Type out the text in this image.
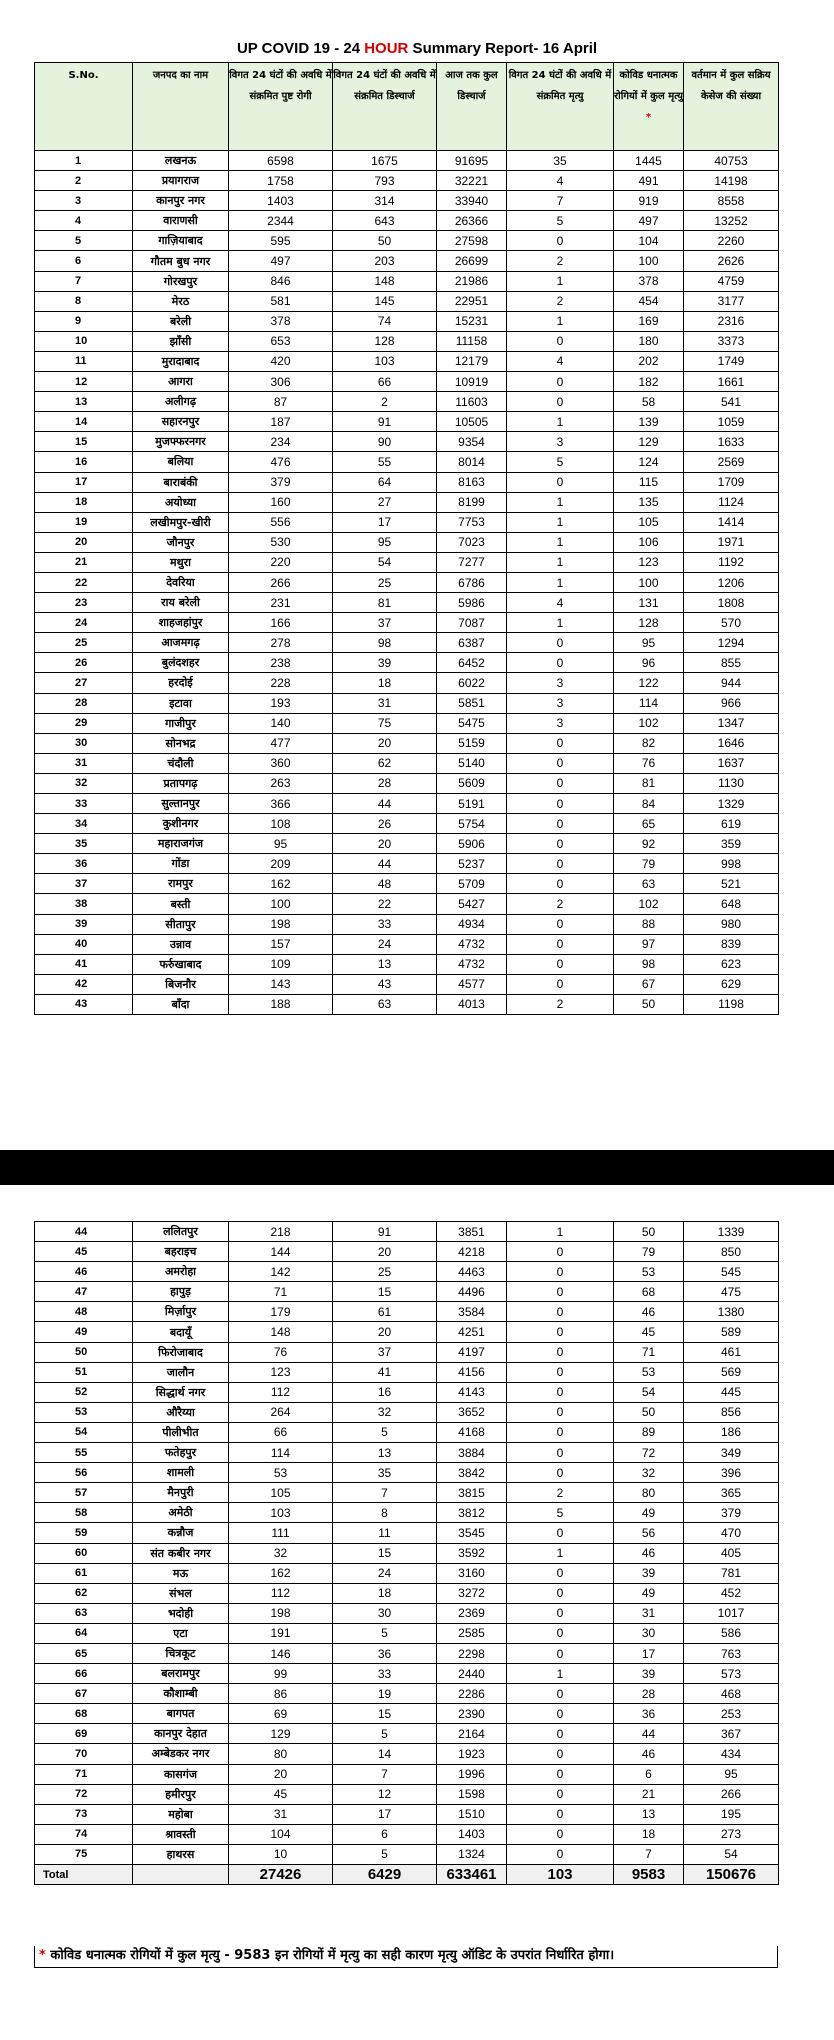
UP COVID 19 - 24 HOUR Summary Report- 16 April
S.No.	जनपद का नाम	विगत 24 घंटों की अवधि में संक्रमित पुष्ट रोगी	विगत 24 घंटों की अवधि में संक्रमित डिस्चार्ज	आज तक कुल डिस्चार्ज	विगत 24 घंटों की अवधि में संक्रमित मृत्यु	कोविड धनात्मक रोगियों में कुल मृत्यु *	वर्तमान में कुल सक्रिय केसेज की संख्या
1	लखनऊ	6598	1675	91695	35	1445	40753
2	प्रयागराज	1758	793	32221	4	491	14198
3	कानपुर नगर	1403	314	33940	7	919	8558
4	वाराणसी	2344	643	26366	5	497	13252
5	गाज़ियाबाद	595	50	27598	0	104	2260
6	गौतम बुध नगर	497	203	26699	2	100	2626
7	गोरखपुर	846	148	21986	1	378	4759
8	मेरठ	581	145	22951	2	454	3177
9	बरेली	378	74	15231	1	169	2316
10	झाँसी	653	128	11158	0	180	3373
11	मुरादाबाद	420	103	12179	4	202	1749
12	आगरा	306	66	10919	0	182	1661
13	अलीगढ़	87	2	11603	0	58	541
14	सहारनपुर	187	91	10505	1	139	1059
15	मुजफ्फरनगर	234	90	9354	3	129	1633
16	बलिया	476	55	8014	5	124	2569
17	बाराबंकी	379	64	8163	0	115	1709
18	अयोध्या	160	27	8199	1	135	1124
19	लखीमपुर-खीरी	556	17	7753	1	105	1414
20	जौनपुर	530	95	7023	1	106	1971
21	मथुरा	220	54	7277	1	123	1192
22	देवरिया	266	25	6786	1	100	1206
23	राय बरेली	231	81	5986	4	131	1808
24	शाहजहांपुर	166	37	7087	1	128	570
25	आजमगढ़	278	98	6387	0	95	1294
26	बुलंदशहर	238	39	6452	0	96	855
27	हरदोई	228	18	6022	3	122	944
28	इटावा	193	31	5851	3	114	966
29	गाजीपुर	140	75	5475	3	102	1347
30	सोनभद्र	477	20	5159	0	82	1646
31	चंदौली	360	62	5140	0	76	1637
32	प्रतापगढ़	263	28	5609	0	81	1130
33	सुल्तानपुर	366	44	5191	0	84	1329
34	कुशीनगर	108	26	5754	0	65	619
35	महाराजगंज	95	20	5906	0	92	359
36	गोंडा	209	44	5237	0	79	998
37	रामपुर	162	48	5709	0	63	521
38	बस्ती	100	22	5427	2	102	648
39	सीतापुर	198	33	4934	0	88	980
40	उन्नाव	157	24	4732	0	97	839
41	फर्रुखाबाद	109	13	4732	0	98	623
42	बिजनौर	143	43	4577	0	67	629
43	बाँदा	188	63	4013	2	50	1198
44	ललितपुर	218	91	3851	1	50	1339
45	बहराइच	144	20	4218	0	79	850
46	अमरोहा	142	25	4463	0	53	545
47	हापुड़	71	15	4496	0	68	475
48	मिर्ज़ापुर	179	61	3584	0	46	1380
49	बदायूँ	148	20	4251	0	45	589
50	फिरोजाबाद	76	37	4197	0	71	461
51	जालौन	123	41	4156	0	53	569
52	सिद्धार्थ नगर	112	16	4143	0	54	445
53	औरैय्या	264	32	3652	0	50	856
54	पीलीभीत	66	5	4168	0	89	186
55	फतेहपुर	114	13	3884	0	72	349
56	शामली	53	35	3842	0	32	396
57	मैनपुरी	105	7	3815	2	80	365
58	अमेठी	103	8	3812	5	49	379
59	कन्नौज	111	11	3545	0	56	470
60	संत कबीर नगर	32	15	3592	1	46	405
61	मऊ	162	24	3160	0	39	781
62	संभल	112	18	3272	0	49	452
63	भदोही	198	30	2369	0	31	1017
64	एटा	191	5	2585	0	30	586
65	चित्रकूट	146	36	2298	0	17	763
66	बलरामपुर	99	33	2440	1	39	573
67	कौशाम्बी	86	19	2286	0	28	468
68	बागपत	69	15	2390	0	36	253
69	कानपुर देहात	129	5	2164	0	44	367
70	अम्बेडकर नगर	80	14	1923	0	46	434
71	कासगंज	20	7	1996	0	6	95
72	हमीरपुर	45	12	1598	0	21	266
73	महोबा	31	17	1510	0	13	195
74	श्रावस्ती	104	6	1403	0	18	273
75	हाथरस	10	5	1324	0	7	54
Total		27426	6429	633461	103	9583	150676
* कोविड धनात्मक रोगियों में कुल मृत्यु - 9583 इन रोगियों में मृत्यु का सही कारण मृत्यु ऑडिट के उपरांत निर्धारित होगा।
